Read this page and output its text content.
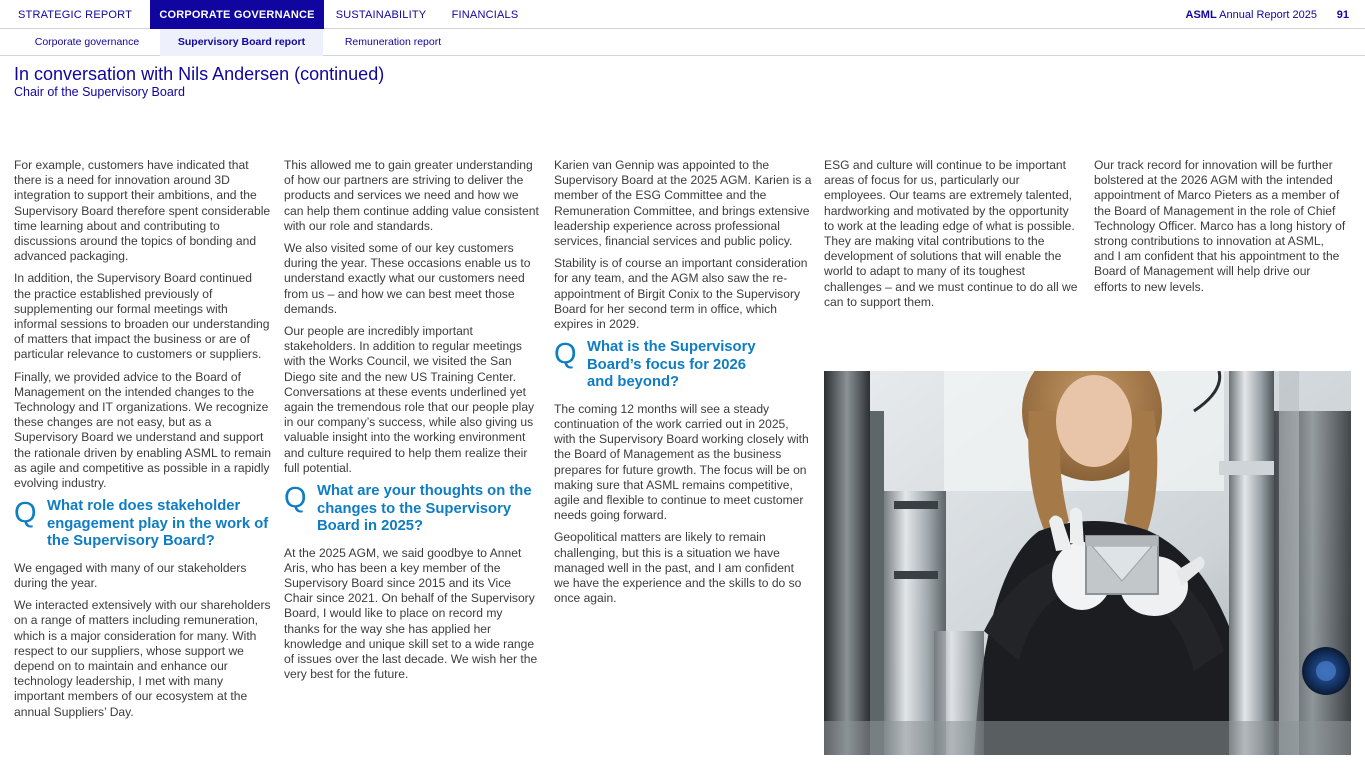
STRATEGIC REPORT	CORPORATE GOVERNANCE	SUSTAINABILITY	FINANCIALS	ASML Annual Report 2025 91
Corporate governance	Supervisory Board report	Remuneration report
In conversation with Nils Andersen (continued)
Chair of the Supervisory Board

For example, customers have indicated that there is a need for innovation around 3D integration to support their ambitions, and the Supervisory Board therefore spent considerable time learning about and contributing to discussions around the topics of bonding and advanced packaging.

In addition, the Supervisory Board continued the practice established previously of supplementing our formal meetings with informal sessions to broaden our understanding of matters that impact the business or are of particular relevance to customers or suppliers.

Finally, we provided advice to the Board of Management on the intended changes to the Technology and IT organizations. We recognize these changes are not easy, but as a Supervisory Board we understand and support the rationale driven by enabling ASML to remain as agile and competitive as possible in a rapidly evolving industry.

Q What role does stakeholder engagement play in the work of the Supervisory Board?

We engaged with many of our stakeholders during the year.

We interacted extensively with our shareholders on a range of matters including remuneration, which is a major consideration for many. With respect to our suppliers, whose support we depend on to maintain and enhance our technology leadership, I met with many important members of our ecosystem at the annual Suppliers’ Day.

This allowed me to gain greater understanding of how our partners are striving to deliver the products and services we need and how we can help them continue adding value consistent with our role and standards.

We also visited some of our key customers during the year. These occasions enable us to understand exactly what our customers need from us – and how we can best meet those demands.

Our people are incredibly important stakeholders. In addition to regular meetings with the Works Council, we visited the San Diego site and the new US Training Center. Conversations at these events underlined yet again the tremendous role that our people play in our company’s success, while also giving us valuable insight into the working environment and culture required to help them realize their full potential.

Q What are your thoughts on the changes to the Supervisory Board in 2025?

At the 2025 AGM, we said goodbye to Annet Aris, who has been a key member of the Supervisory Board since 2015 and its Vice Chair since 2021. On behalf of the Supervisory Board, I would like to place on record my thanks for the way she has applied her knowledge and unique skill set to a wide range of issues over the last decade. We wish her the very best for the future.

Karien van Gennip was appointed to the Supervisory Board at the 2025 AGM. Karien is a member of the ESG Committee and the Remuneration Committee, and brings extensive leadership experience across professional services, financial services and public policy.

Stability is of course an important consideration for any team, and the AGM also saw the re-appointment of Birgit Conix to the Supervisory Board for her second term in office, which expires in 2029.

Q What is the Supervisory Board’s focus for 2026 and beyond?

The coming 12 months will see a steady continuation of the work carried out in 2025, with the Supervisory Board working closely with the Board of Management as the business prepares for future growth. The focus will be on making sure that ASML remains competitive, agile and flexible to continue to meet customer needs going forward.

Geopolitical matters are likely to remain challenging, but this is a situation we have managed well in the past, and I am confident we have the experience and the skills to do so once again.

ESG and culture will continue to be important areas of focus for us, particularly our employees. Our teams are extremely talented, hardworking and motivated by the opportunity to work at the leading edge of what is possible. They are making vital contributions to the development of solutions that will enable the world to adapt to many of its toughest challenges – and we must continue to do all we can to support them.

Our track record for innovation will be further bolstered at the 2026 AGM with the intended appointment of Marco Pieters as a member of the Board of Management in the role of Chief Technology Officer. Marco has a long history of strong contributions to innovation at ASML, and I am confident that his appointment to the Board of Management will help drive our efforts to new levels.
